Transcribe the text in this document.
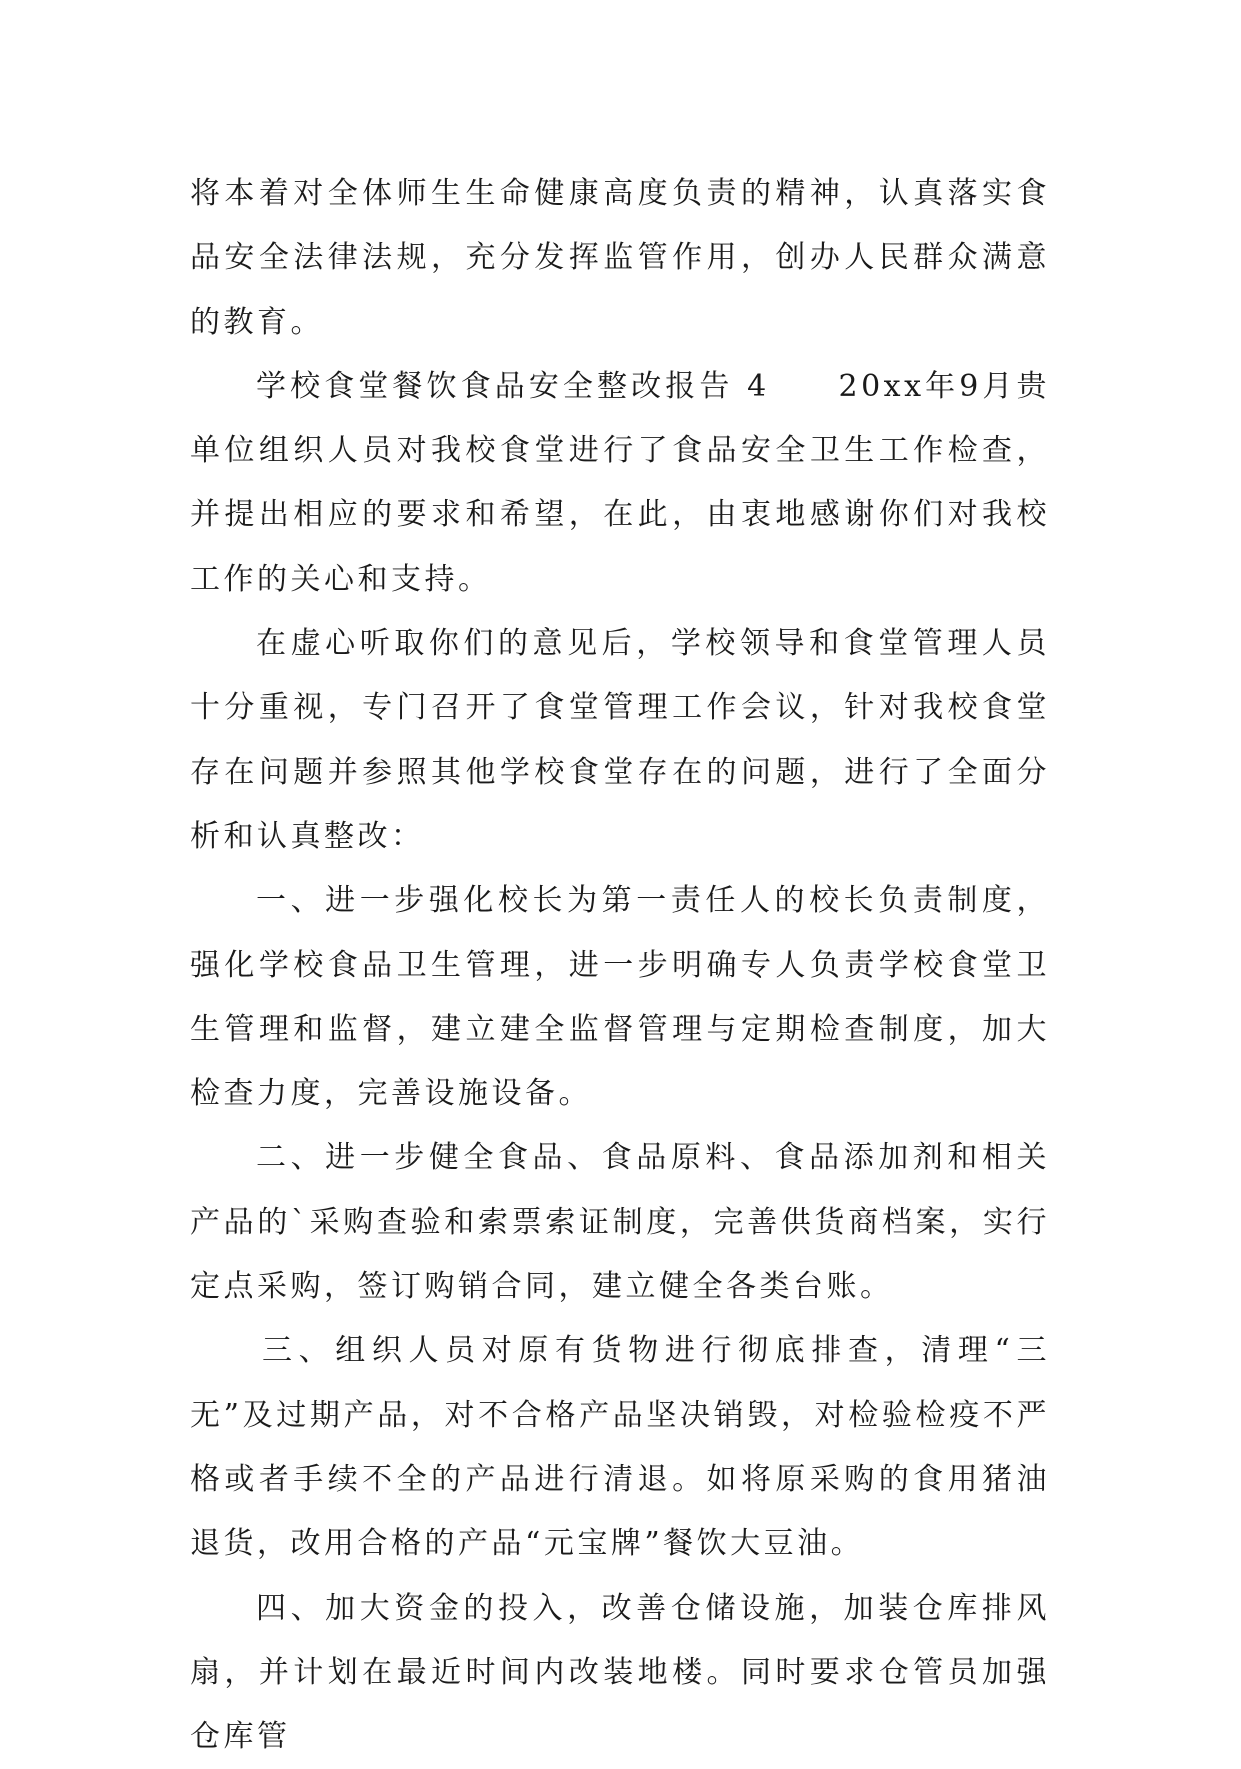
将本着对全体师生生命健康高度负责的精神，认真落实食品安全法律法规，充分发挥监管作用，创办人民群众满意的教育。

学校食堂餐饮食品安全整改报告 4　　20xx年9月贵单位组织人员对我校食堂进行了食品安全卫生工作检查，并提出相应的要求和希望，在此，由衷地感谢你们对我校工作的关心和支持。

在虚心听取你们的意见后，学校领导和食堂管理人员十分重视，专门召开了食堂管理工作会议，针对我校食堂存在问题并参照其他学校食堂存在的问题，进行了全面分析和认真整改：

一、进一步强化校长为第一责任人的校长负责制度，强化学校食品卫生管理，进一步明确专人负责学校食堂卫生管理和监督，建立建全监督管理与定期检查制度，加大检查力度，完善设施设备。

二、进一步健全食品、食品原料、食品添加剂和相关产品的`采购查验和索票索证制度，完善供货商档案，实行定点采购，签订购销合同，建立健全各类台账。

三、组织人员对原有货物进行彻底排查，清理“三无”及过期产品，对不合格产品坚决销毁，对检验检疫不严格或者手续不全的产品进行清退。如将原采购的食用猪油退货，改用合格的产品“元宝牌”餐饮大豆油。

四、加大资金的投入，改善仓储设施，加装仓库排风扇，并计划在最近时间内改装地楼。同时要求仓管员加强仓库管
